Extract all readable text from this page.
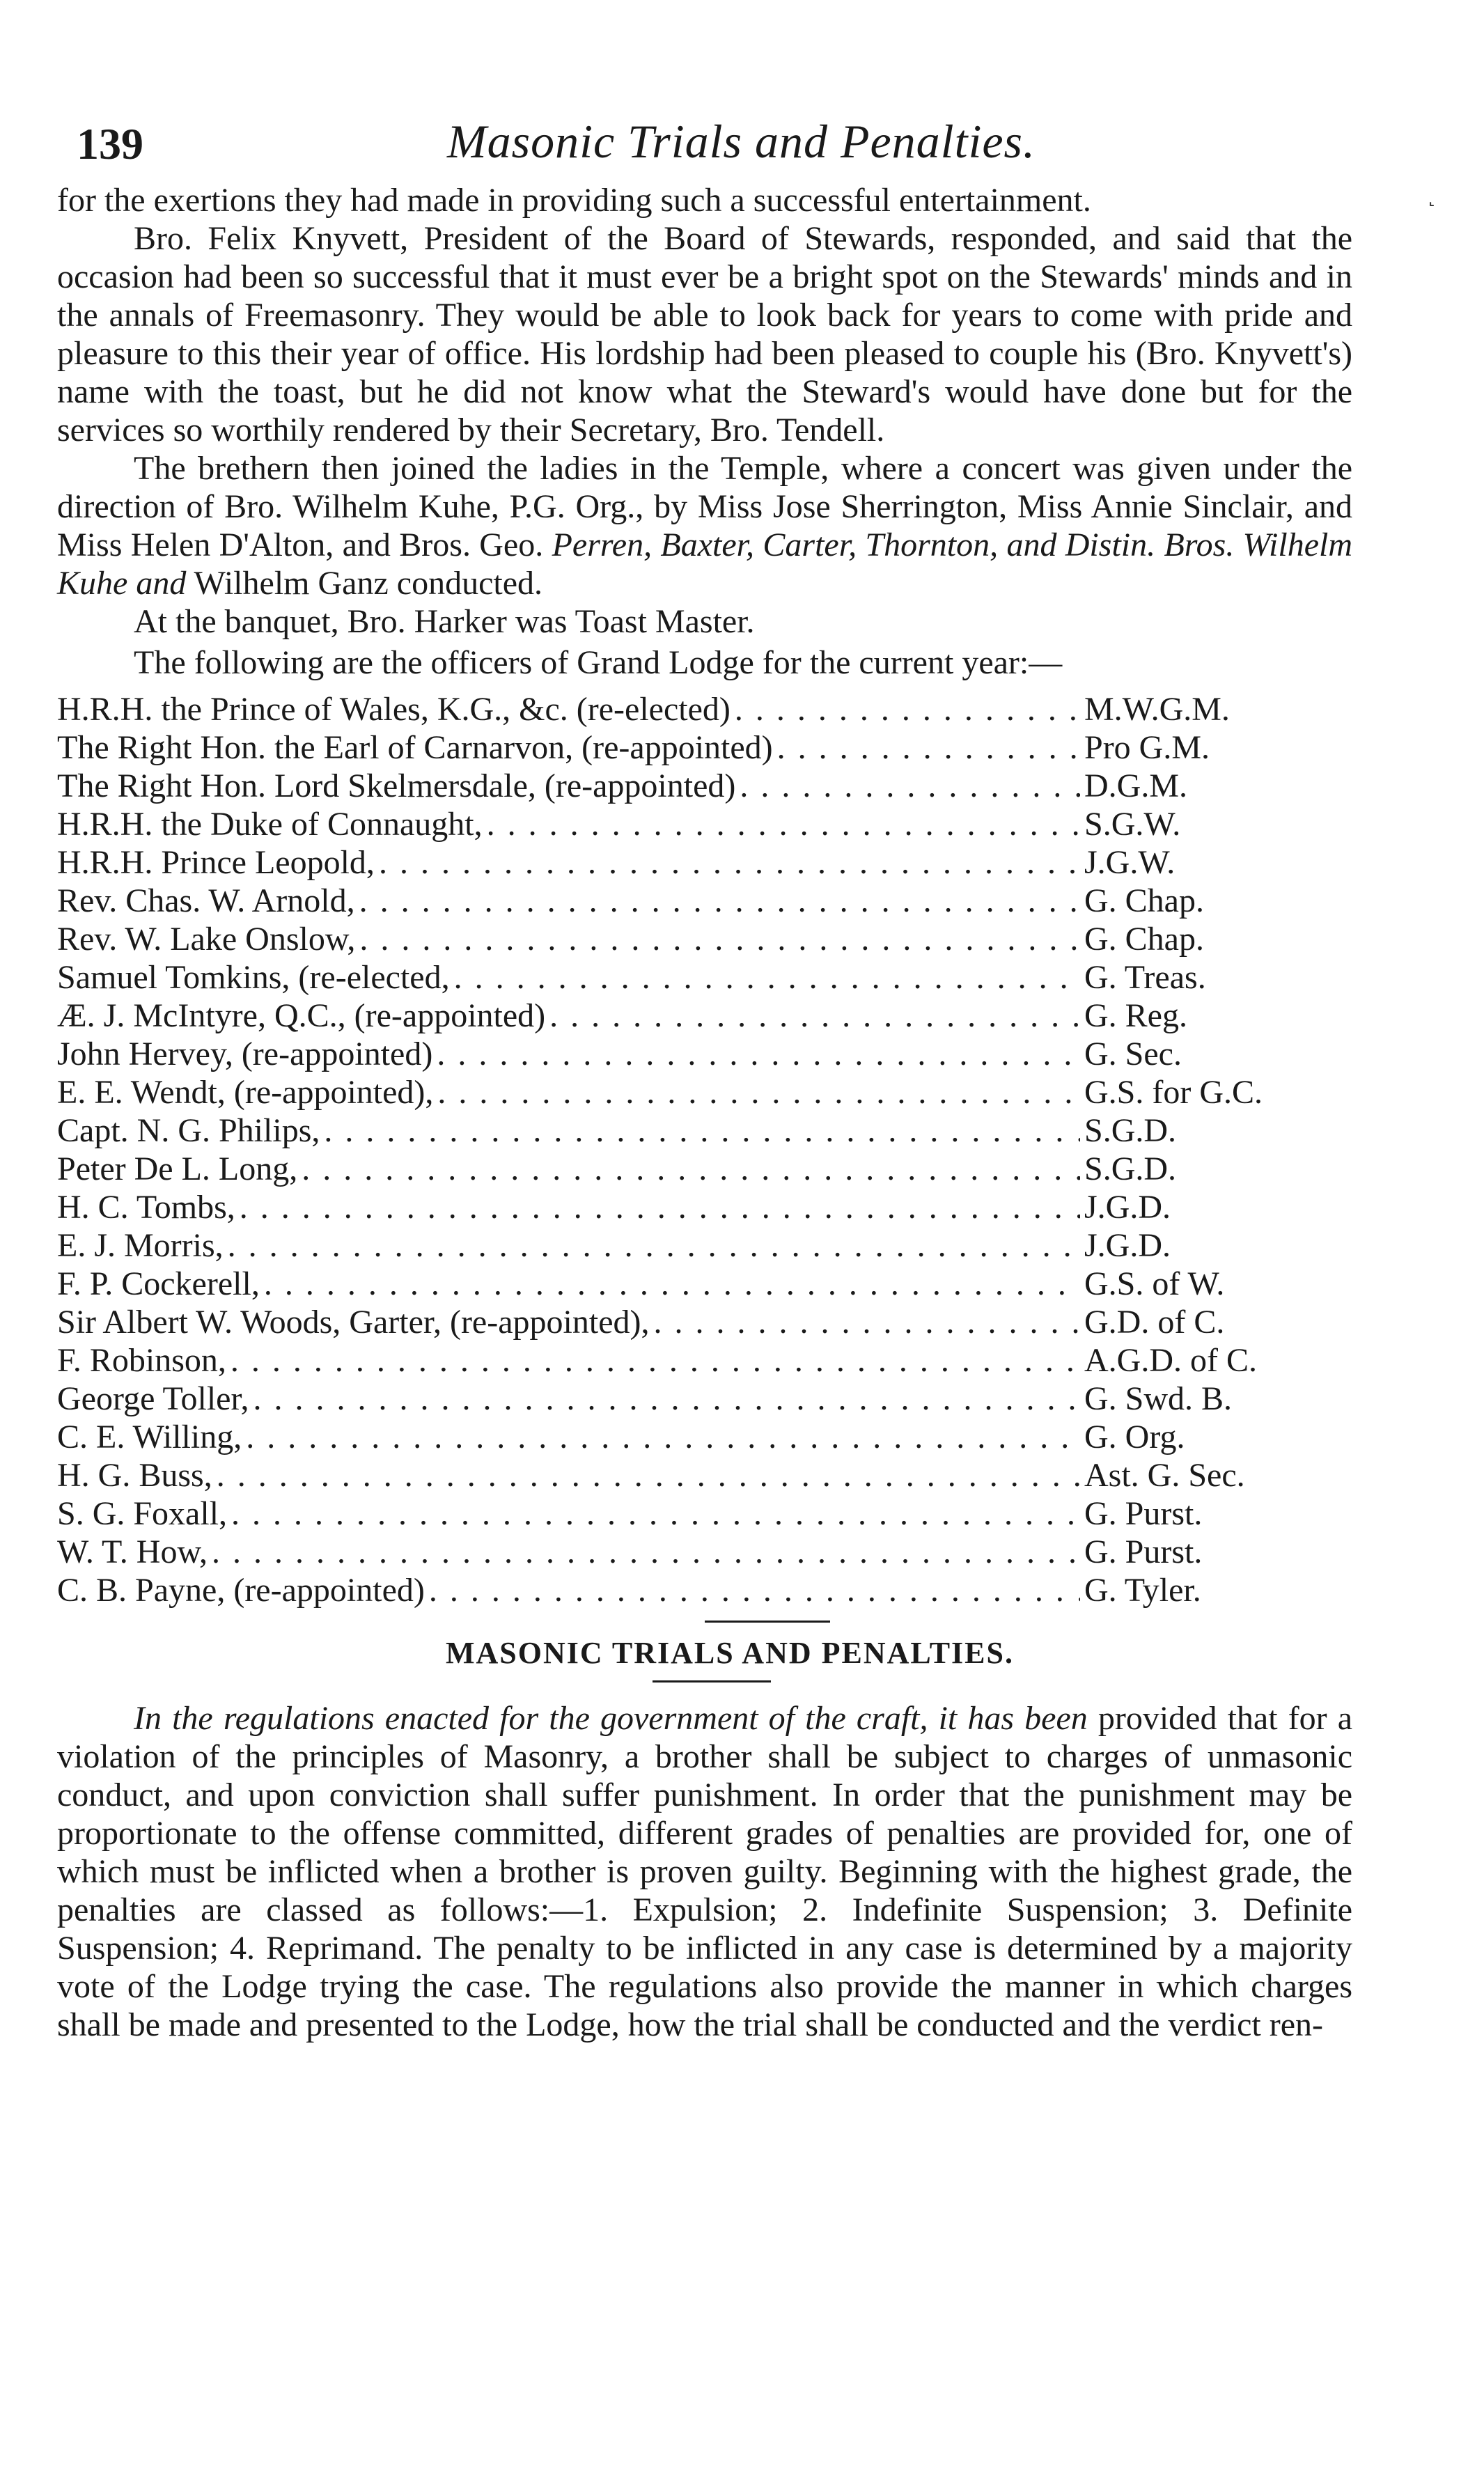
139	Masonic Trials and Penalties.

for the exertions they had made in providing such a successful entertainment.

Bro. Felix Knyvett, President of the Board of Stewards, responded, and said that the occasion had been so successful that it must ever be a bright spot on the Stewards' minds and in the annals of Freemasonry. They would be able to look back for years to come with pride and pleasure to this their year of office. His lordship had been pleased to couple his (Bro. Knyvett's) name with the toast, but he did not know what the Steward's would have done but for the services so worthily rendered by their Secretary, Bro. Tendell.

The brethern then joined the ladies in the Temple, where a concert was given under the direction of Bro. Wilhelm Kuhe, P.G. Org., by Miss Jose Sherrington, Miss Annie Sinclair, and Miss Helen D'Alton, and Bros. Geo. Perren, Baxter, Carter, Thornton, and Distin. Bros. Wilhelm Kuhe and Wilhelm Ganz conducted.

At the banquet, Bro. Harker was Toast Master.

The following are the officers of Grand Lodge for the current year:—

H.R.H. the Prince of Wales, K.G., &c. (re-elected) . . .	M.W.G.M.
The Right Hon. the Earl of Carnarvon, (re-appointed) . . .	Pro G.M.
The Right Hon. Lord Skelmersdale, (re-appointed) . . .	D.G.M.
H.R.H. the Duke of Connaught, . . .	S.G.W.
H.R.H. Prince Leopold, . . .	J.G.W.
Rev. Chas. W. Arnold, . . .	G. Chap.
Rev. W. Lake Onslow, . . .	G. Chap.
Samuel Tomkins, (re-elected, . . .	G. Treas.
Æ. J. McIntyre, Q.C., (re-appointed) . . .	G. Reg.
John Hervey, (re-appointed) . . .	G. Sec.
E. E. Wendt, (re-appointed), . . .	G.S. for G.C.
Capt. N. G. Philips, . . .	S.G.D.
Peter De L. Long, . . .	S.G.D.
H. C. Tombs, . . .	J.G.D.
E. J. Morris, . . .	J.G.D.
F. P. Cockerell, . . .	G.S. of W.
Sir Albert W. Woods, Garter, (re-appointed), . . .	G.D. of C.
F. Robinson, . . .	A.G.D. of C.
George Toller, . . .	G. Swd. B.
C. E. Willing, . . .	G. Org.
H. G. Buss, . . .	Ast. G. Sec.
S. G. Foxall, . . .	G. Purst.
W. T. How, . . .	G. Purst.
C. B. Payne, (re-appointed) . . .	G. Tyler.
MASONIC TRIALS AND PENALTIES.

In the regulations enacted for the government of the craft, it has been provided that for a violation of the principles of Masonry, a brother shall be subject to charges of unmasonic conduct, and upon conviction shall suffer punishment. In order that the punishment may be proportionate to the offense committed, different grades of penalties are provided for, one of which must be inflicted when a brother is proven guilty. Beginning with the highest grade, the penalties are classed as follows:—1. Expulsion; 2. Indefinite Suspension; 3. Definite Suspension; 4. Reprimand. The penalty to be inflicted in any case is determined by a majority vote of the Lodge trying the case. The regulations also provide the manner in which charges shall be made and presented to the Lodge, how the trial shall be conducted and the verdict ren-

˻
